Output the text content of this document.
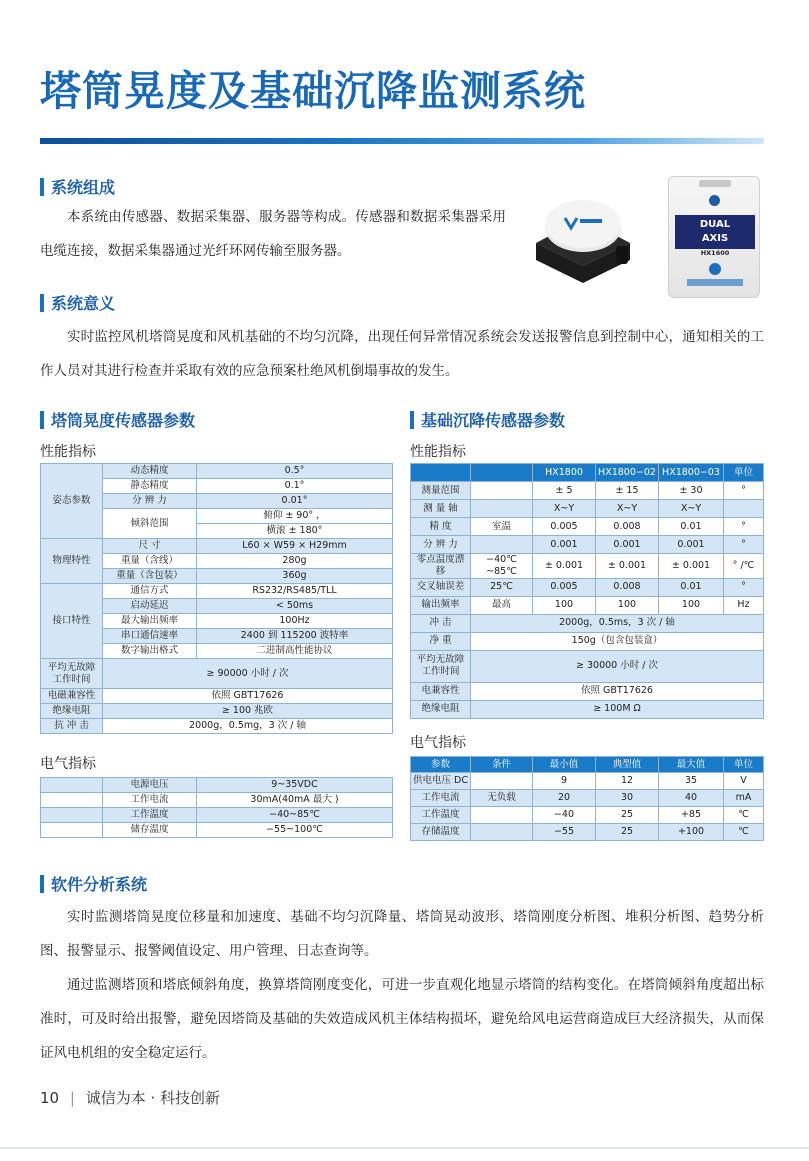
塔筒晃度及基础沉降监测系统
系统组成
本系统由传感器、数据采集器、服务器等构成。传感器和数据采集器采用电缆连接，数据采集器通过光纤环网传输至服务器。
DUAL
AXIS
HX1600
系统意义
实时监控风机塔筒晃度和风机基础的不均匀沉降，出现任何异常情况系统会发送报警信息到控制中心，通知相关的工作人员对其进行检查并采取有效的应急预案杜绝风机倒塌事故的发生。
塔筒晃度传感器参数
性能指标
基础沉降传感器参数
性能指标
姿态参数	动态精度	0.5°
	静态精度	0.1°
	分 辨 力	0.01°
	倾斜范围	俯仰 ± 90° ，
		横滚 ± 180°
物理特性	尺 寸	L60 × W59 × H29mm
	重量（含线）	280g
	重量（含包装）	360g
接口特性	通信方式	RS232/RS485/TLL
	启动延迟	< 50ms
	最大输出频率	100Hz
	串口通信速率	2400 到 115200 波特率
	数字输出格式	二进制高性能协议
平均无故障
工作时间	≥ 90000 小时 / 次	

电磁兼容性	依照 GBT17626	
绝缘电阻	≥ 100 兆欧	
抗 冲 击	2000g，0.5mg，3 次 / 轴	
电气指标
	电源电压	9~35VDC
	工作电流	30mA(40mA 最大 )
	工作温度	−40~85℃
	储存温度	−55~100℃
		HX1800	HX1800−02	HX1800−03	单位
测量范围		± 5	± 15	± 30	°
测 量 轴		X~Y	X~Y	X~Y	
精 度	室温	0.005	0.008	0.01	°
分 辨 力		0.001	0.001	0.001	°
零点温度漂移	−40℃ ~85℃	± 0.001	± 0.001	± 0.001	° /℃
交叉轴误差	25℃	0.005	0.008	0.01	°
输出频率	最高	100	100	100	Hz
冲 击	2000g，0.5ms，3 次 / 轴				
净 重	150g（包含包装盒）				
平均无故障
工作时间	≥ 30000 小时 / 次				
电兼容性	依照 GBT17626				
绝缘电阻	≥ 100M Ω				
电气指标
参数	条件	最小值	典型值	最大值	单位
供电电压 DC		9	12	35	V
工作电流	无负载	20	30	40	mA
工作温度		−40	25	+85	℃
存储温度		−55	25	+100	℃
软件分析系统
实时监测塔筒晃度位移量和加速度、基础不均匀沉降量、塔筒晃动波形、塔筒刚度分析图、堆积分析图、趋势分析图、报警显示、报警阈值设定、用户管理、日志查询等。
通过监测塔顶和塔底倾斜角度，换算塔筒刚度变化，可进一步直观化地显示塔筒的结构变化。在塔筒倾斜角度超出标准时，可及时给出报警，避免因塔筒及基础的失效造成风机主体结构损坏，避免给风电运营商造成巨大经济损失，从而保证风电机组的安全稳定运行。
10 | 诚信为本 · 科技创新
